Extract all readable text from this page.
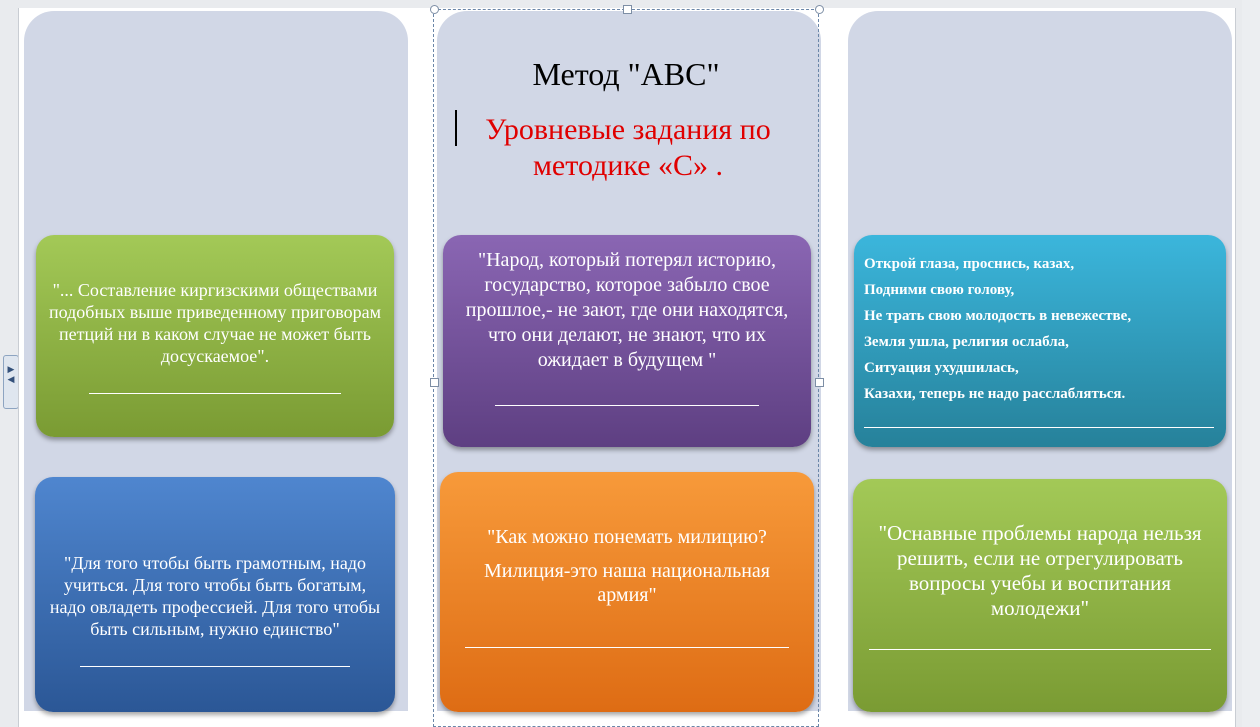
▶
◀
"... Составление киргизскими обществами подобных выше приведенному приговорам петций ни в каком случае не может быть досускаемое".
"Для того чтобы быть грамотным, надо учиться. Для того чтобы быть богатым, надо овладеть профессией. Для того чтобы быть сильным, нужно единство"
Метод "АВС"
Уровневые задания по
методике «С» .
"Народ, который потерял историю, государство, которое забыло свое прошлое,- не зают, где они находятся, что они делают, не знают, что их ожидает в будущем "
"Как можно понемать милицию?
Милиция-это наша национальная армия"

Открой глаза, проснись, казах,

Подними свою голову,

Не трать свою молодость в невежестве,

Земля ушла, религия ослабла,

Ситуация ухудшилась,

Казахи, теперь не надо расслабляться.

"Оснавные проблемы народа нельзя решить, если не отрегулировать вопросы учебы и воспитания молодежи"
